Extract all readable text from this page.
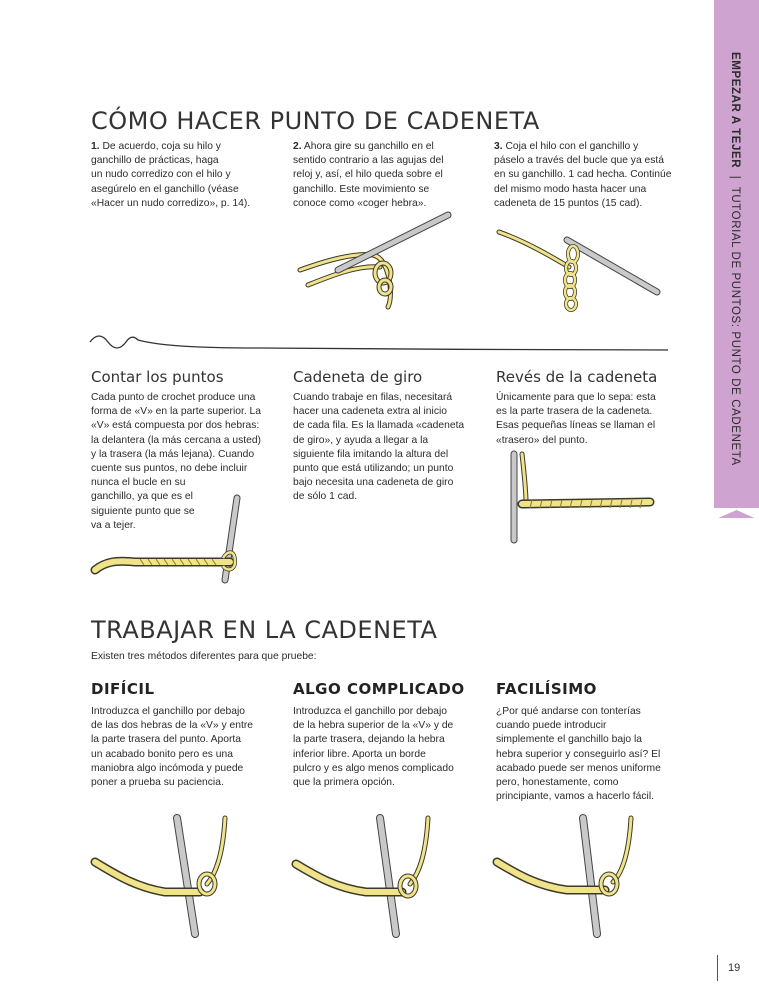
EMPEZAR A TEJER  |  TUTORIAL DE PUNTOS: PUNTO DE CADENETA
CÓMO HACER PUNTO DE CADENETA
1. De acuerdo, coja su hilo y
ganchillo de prácticas, haga
un nudo corredizo con el hilo y
asegúrelo en el ganchillo (véase
«Hacer un nudo corredizo», p. 14).
2. Ahora gire su ganchillo en el
sentido contrario a las agujas del
reloj y, así, el hilo queda sobre el
ganchillo. Este movimiento se
conoce como «coger hebra».
3. Coja el hilo con el ganchillo y
páselo a través del bucle que ya está
en su ganchillo. 1 cad hecha. Continúe
del mismo modo hasta hacer una
cadeneta de 15 puntos (15 cad).
Contar los puntos	Cadeneta de giro	Revés de la cadeneta
Cada punto de crochet produce una
forma de «V» en la parte superior. La
«V» está compuesta por dos hebras:
la delantera (la más cercana a usted)
y la trasera (la más lejana). Cuando
cuente sus puntos, no debe incluir
nunca el bucle en su
ganchillo, ya que es el
siguiente punto que se
va a tejer.
Cuando trabaje en filas, necesitará
hacer una cadeneta extra al inicio
de cada fila. Es la llamada «cadeneta
de giro», y ayuda a llegar a la
siguiente fila imitando la altura del
punto que está utilizando; un punto
bajo necesita una cadeneta de giro
de sólo 1 cad.
Únicamente para que lo sepa: esta
es la parte trasera de la cadeneta.
Esas pequeñas líneas se llaman el
«trasero» del punto.
TRABAJAR EN LA CADENETA
Existen tres métodos diferentes para que pruebe:
DIFÍCIL	ALGO COMPLICADO FACILÍSIMO
Introduzca el ganchillo por debajo
de las dos hebras de la «V» y entre
la parte trasera del punto. Aporta
un acabado bonito pero es una
maniobra algo incómoda y puede
poner a prueba su paciencia.
Introduzca el ganchillo por debajo
de la hebra superior de la «V» y de
la parte trasera, dejando la hebra
inferior libre. Aporta un borde
pulcro y es algo menos complicado
que la primera opción.
¿Por qué andarse con tonterías
cuando puede introducir
simplemente el ganchillo bajo la
hebra superior y conseguirlo así? El
acabado puede ser menos uniforme
pero, honestamente, como
principiante, vamos a hacerlo fácil.
19
